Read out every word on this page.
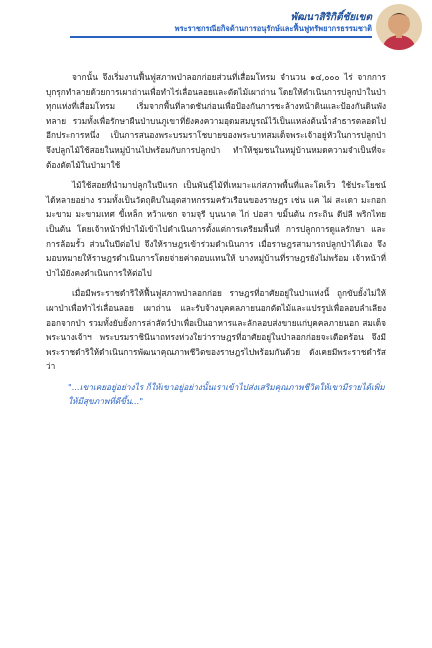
พัฒนาสิริกิติ์ชัยเขต
พระราชกรณียกิจด้านการอนุรักษ์และฟื้นฟูทรัพยากรธรรมชาติ

จากนั้น จึงเริ่มงานฟื้นฟูสภาพป่าลอกก่อยส่วนที่เสื่อมโทรม จำนวน ๑๔,๐๐๐ ไร่ จากการบุกรุกทำลายด้วยการเผาถ่านเพื่อทำไร่เลื่อนลอยและตัดไม้เผาถ่าน โดยให้ดำเนินการปลูกป่าในป่าทุกแห่งที่เสื่อมโทรม เริ่มจากพื้นที่ลาดชันก่อนเพื่อป้องกันการชะล้างหน้าดินและป้องกันดินพังทลาย รวมทั้งเพื่อรักษาผืนป่าบนภูเขาที่ยังคงความอุดมสมบูรณ์ไว้เป็นแหล่งต้นน้ำลำธารตลอดไป อีกประการหนึ่ง เป็นการสนองพระบรมราโชบายของพระบาทสมเด็จพระเจ้าอยู่หัวในการปลูกป่า จึงปลูกไม้ใช้สอยในหมู่บ้านไปพร้อมกับการปลูกป่า ทำให้ชุมชนในหมู่บ้านหมดความจำเป็นที่จะต้องตัดไม้ในป่ามาใช้

ไม้ใช้สอยที่นำมาปลูกในปีแรก เป็นพันธุ์ไม้ที่เหมาะแก่สภาพพื้นที่และโตเร็ว ใช้ประโยชน์ได้หลายอย่าง รวมทั้งเป็นวัตถุดิบในอุตสาหกรรมครัวเรือนของราษฎร เช่น แค ไผ่ สะเดา มะกอก มะขาม มะขามเทศ ขี้เหล็ก หว้าแซก จามจุรี บุนนาค ไก่ ปอสา ขมิ้นต้น กระถิน ดีปลี พริกไทย เป็นต้น โดยเจ้าหน้าที่ป่าไม้เข้าไปดำเนินการตั้งแต่การเตรียมพื้นที่ การปลูกการดูแลรักษา และการล้อมรั้ว ส่วนในปีต่อไป จึงให้ราษฎรเข้าร่วมดำเนินการ เมื่อราษฎรสามารถปลูกป่าได้เอง จึงมอบหมายให้ราษฎรดำเนินการโดยจ่ายค่าตอบแทนให้ บางหมู่บ้านที่ราษฎรยังไม่พร้อม เจ้าหน้าที่ป่าไม้ยังคงดำเนินการให้ต่อไป

เมื่อมีพระราชดำริให้ฟื้นฟูสภาพป่าลอกก่อย ราษฎรที่อาศัยอยู่ในป่าแห่งนี้ ถูกขับยั้งไม่ให้เผาป่าเพื่อทำไร่เลื่อนลอย เผาถ่าน และรับจ้างบุคคลภายนอกตัดไม้และแปรรูปเพื่อลอบลำเลียงออกจากป่า รวมทั้งยับยั้งการล่าสัตว์ป่าเพื่อเป็นอาหารและลักลอบส่งขายแก่บุคคลภายนอก สมเด็จพระนางเจ้าฯ พระบรมราชินีนาถทรงห่วงใยว่าราษฎรที่อาศัยอยู่ในป่าลอกก่อยจะเดือดร้อน จึงมีพระราชดำริให้ดำเนินการพัฒนาคุณภาพชีวิตของราษฎรไปพร้อมกันด้วย ดังเคยมีพระราชดำรัสว่า

"...เขาเคยอยู่อย่างไร ก็ให้เขาอยู่อย่างนั้นเราเข้าไปส่งเสริมคุณภาพชีวิตให้เขามีรายได้เพิ่ม ให้มีสุขภาพที่ดีขึ้น..."
